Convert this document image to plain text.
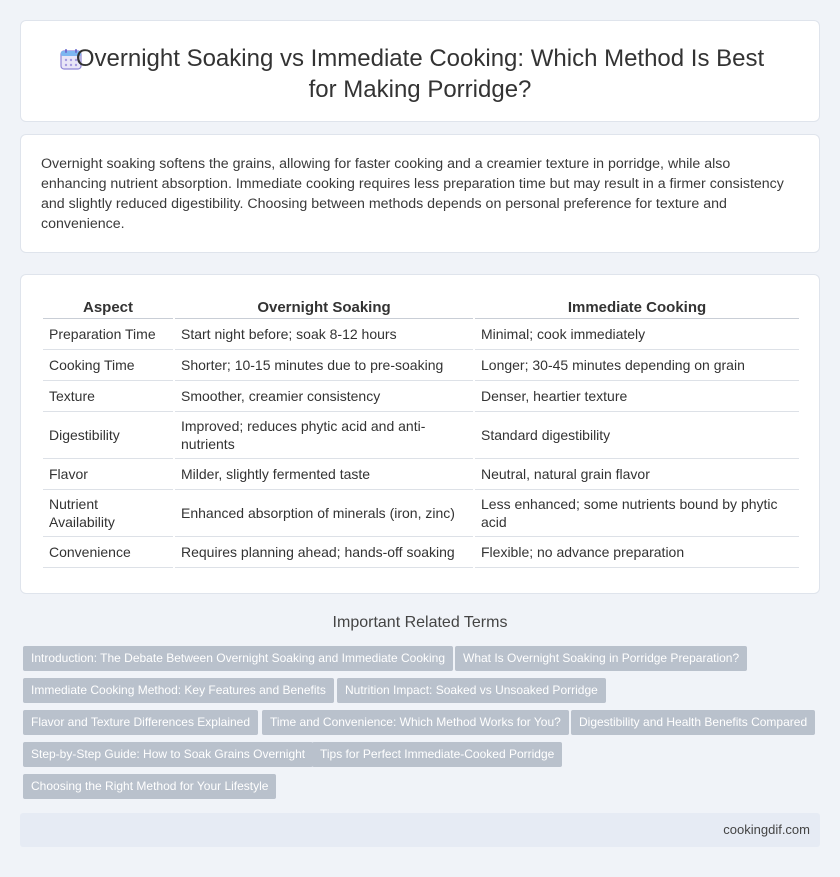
Overnight Soaking vs Immediate Cooking: Which Method Is Best for Making Porridge?

Overnight soaking softens the grains, allowing for faster cooking and a creamier texture in porridge, while also enhancing nutrient absorption. Immediate cooking requires less preparation time but may result in a firmer consistency and slightly reduced digestibility. Choosing between methods depends on personal preference for texture and convenience.

Aspect	Overnight Soaking	Immediate Cooking
Preparation Time	Start night before; soak 8-12 hours	Minimal; cook immediately
Cooking Time	Shorter; 10-15 minutes due to pre-soaking	Longer; 30-45 minutes depending on grain
Texture	Smoother, creamier consistency	Denser, heartier texture
Digestibility	Improved; reduces phytic acid and anti-nutrients	Standard digestibility
Flavor	Milder, slightly fermented taste	Neutral, natural grain flavor
Nutrient Availability	Enhanced absorption of minerals (iron, zinc)	Less enhanced; some nutrients bound by phytic acid
Convenience	Requires planning ahead; hands-off soaking	Flexible; no advance preparation
Important Related Terms
Introduction: The Debate Between Overnight Soaking and Immediate Cooking	What Is Overnight Soaking in Porridge Preparation?
Immediate Cooking Method: Key Features and Benefits	Nutrition Impact: Soaked vs Unsoaked Porridge
Flavor and Texture Differences Explained	Time and Convenience: Which Method Works for You?	Digestibility and Health Benefits Compared
Step-by-Step Guide: How to Soak Grains Overnight	Tips for Perfect Immediate-Cooked Porridge
Choosing the Right Method for Your Lifestyle
cookingdif.com
